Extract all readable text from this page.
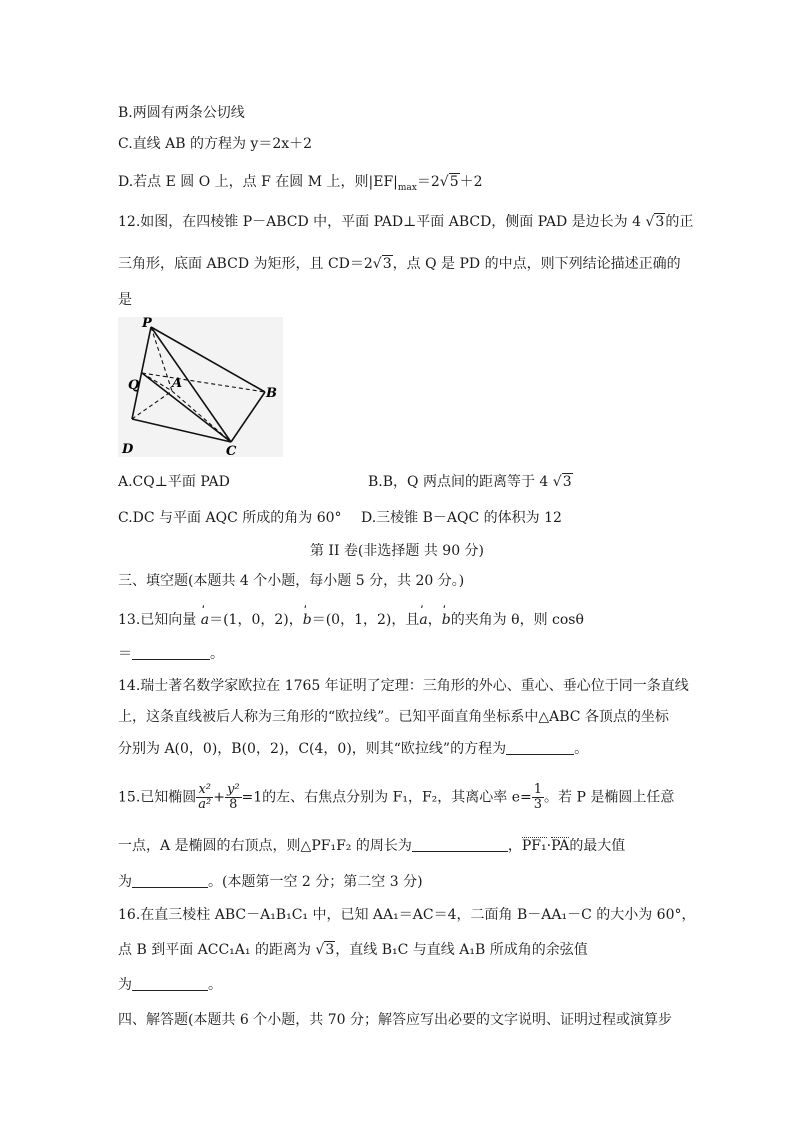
B.两圆有两条公切线
C.直线 AB 的方程为 y＝2x＋2
D.若点 E 圆 O 上，点 F 在圆 M 上，则$|EF|_{max}=2√5+2$
12.如图，在四棱锥 P－ABCD 中，平面 PAD⊥平面 ABCD，侧面 PAD 是边长为 4 √3的正
三角形，底面 ABCD 为矩形，且 CD＝2√3，点 Q 是 PD 的中点，则下列结论描述正确的
是
P
Q	A
B
D	C
A.CQ⊥平面 PAD	B.B，Q 两点间的距离等于 4 √3
C.DC 与平面 AQC 所成的角为 60° D.三棱锥 B－AQC 的体积为 12
第 II 卷(非选择题 共 90 分)
三、填空题(本题共 4 个小题，每小题 5 分，共 20 分。)
13.已知向量 ˈ a＝(1，0，2)，ˈ b＝(0，1，2)，且ˈ a，ˈ b的夹角为 θ，则 cosθ
＝	。
14.瑞士著名数学家欧拉在 1765 年证明了定理：三角形的外心、重心、垂心位于同一条直线
上，这条直线被后人称为三角形的“欧拉线”。已知平面直角坐标系中△ABC 各顶点的坐标
分别为 A(0，0)，B(0，2)，C(4，0)，则其“欧拉线”的方程为	。
15.已知椭圆 $\frac{\text{x²}}{\text{a²}} + \frac{\text{y²}}{8} =1$的左、右焦点分别为 F₁，F₂，其离心率 $e= \frac{1}{3}$ 。若 P 是椭圆上任意
一点，A 是椭圆的右顶点，则△PF₁F₂ 的周长为	，PF₁·PA的最大值
为	。(本题第一空 2 分；第二空 3 分)
16.在直三棱柱 ABC－A₁B₁C₁ 中，已知 AA₁＝AC＝4，二面角 B－AA₁－C 的大小为 60°，
点 B 到平面 ACC₁A₁ 的距离为 √3，直线 B₁C 与直线 A₁B 所成角的余弦值
为	。
四、解答题(本题共 6 个小题，共 70 分；解答应写出必要的文字说明、证明过程或演算步
